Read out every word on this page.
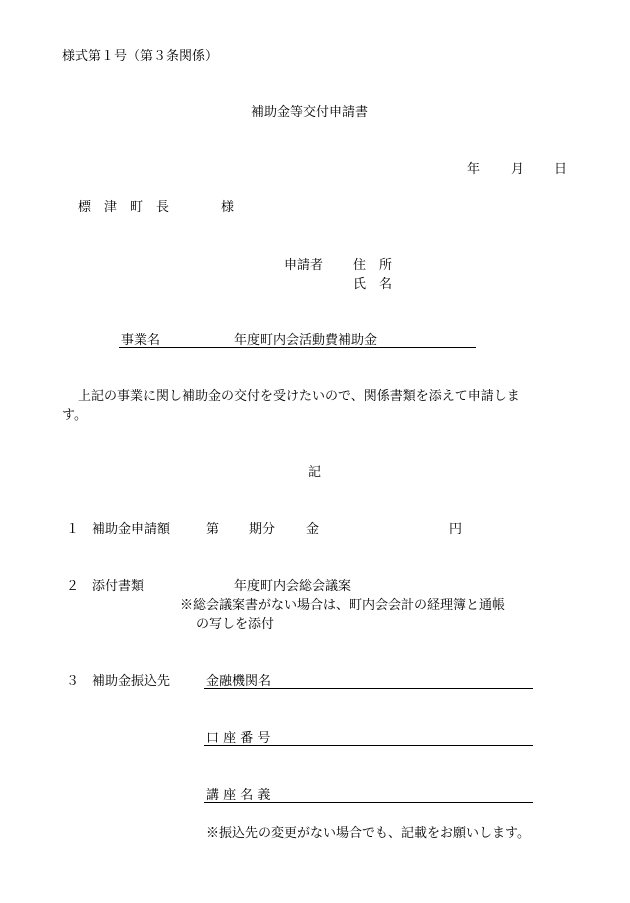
様式第１号（第３条関係）
補助金等交付申請書
年 月 日
標　津　町　長	様
申請者 住　所
氏　名
事業名	年度町内会活動費補助金
上記の事業に関し補助金の交付を受けたいので、関係書類を添えて申請しま
す。
記
１ 補助金申請額	第 期分 金	円
２ 添付書類	年度町内会総会議案
※総会議案書がない場合は、町内会会計の経理簿と通帳
の写しを添付
３ 補助金振込先	金融機関名
口 座 番 号
講 座 名 義
※振込先の変更がない場合でも、記載をお願いします。
